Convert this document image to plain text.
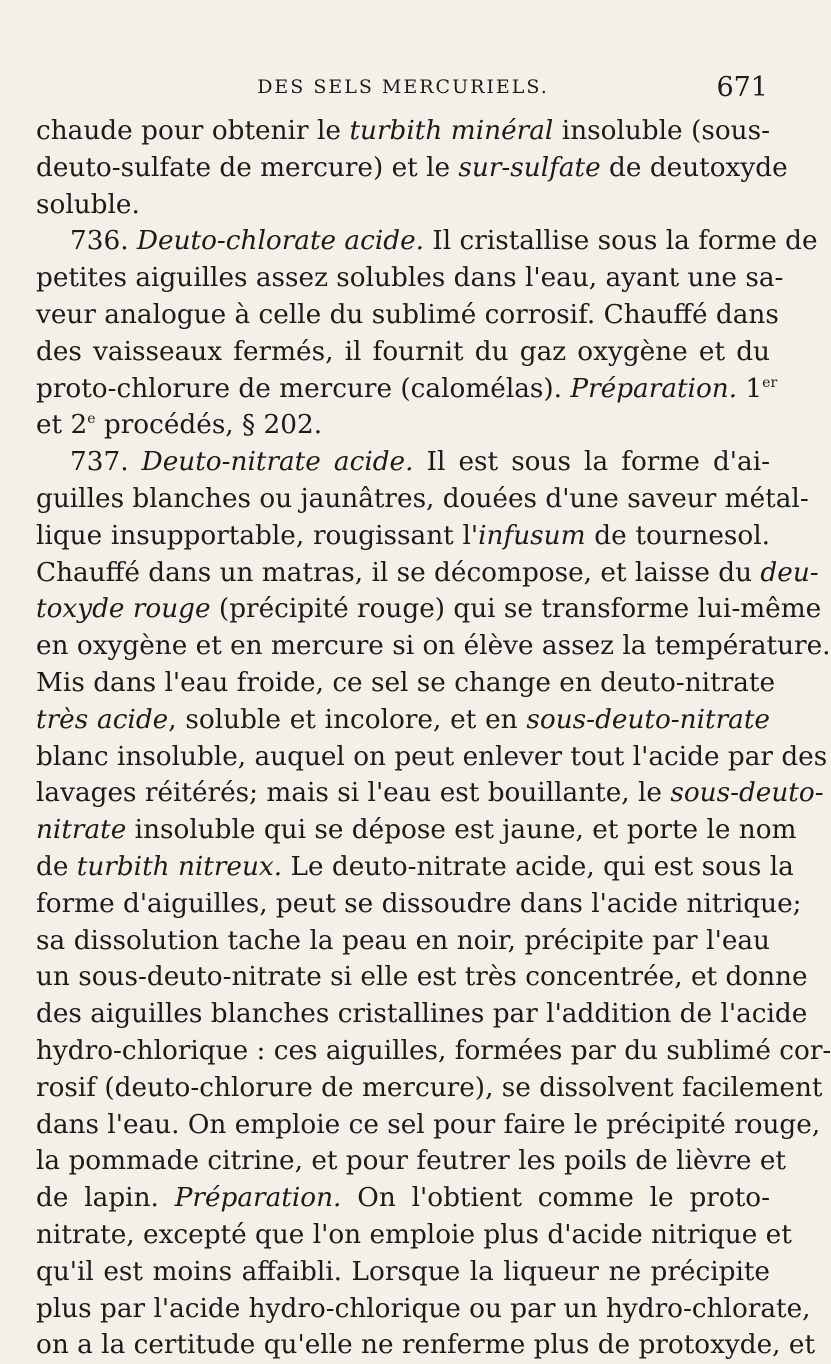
DES SELS MERCURIELS.	671
chaude pour obtenir le turbith minéral insoluble (sous-
deuto-sulfate de mercure) et le sur-sulfate de deutoxyde
soluble.
736. Deuto-chlorate acide. Il cristallise sous la forme de
petites aiguilles assez solubles dans l'eau, ayant une sa-
veur analogue à celle du sublimé corrosif. Chauffé dans
des vaisseaux fermés, il fournit du gaz oxygène et du
proto-chlorure de mercure (calomélas). Préparation. 1er
et 2e procédés, § 202.
737. Deuto-nitrate acide. Il est sous la forme d'ai-
guilles blanches ou jaunâtres, douées d'une saveur métal-
lique insupportable, rougissant l'infusum de tournesol.
Chauffé dans un matras, il se décompose, et laisse du deu-
toxyde rouge (précipité rouge) qui se transforme lui-même
en oxygène et en mercure si on élève assez la température.
Mis dans l'eau froide, ce sel se change en deuto-nitrate
très acide, soluble et incolore, et en sous-deuto-nitrate
blanc insoluble, auquel on peut enlever tout l'acide par des
lavages réitérés; mais si l'eau est bouillante, le sous-deuto-
nitrate insoluble qui se dépose est jaune, et porte le nom
de turbith nitreux. Le deuto-nitrate acide, qui est sous la
forme d'aiguilles, peut se dissoudre dans l'acide nitrique;
sa dissolution tache la peau en noir, précipite par l'eau
un sous-deuto-nitrate si elle est très concentrée, et donne
des aiguilles blanches cristallines par l'addition de l'acide
hydro-chlorique : ces aiguilles, formées par du sublimé cor-
rosif (deuto-chlorure de mercure), se dissolvent facilement
dans l'eau. On emploie ce sel pour faire le précipité rouge,
la pommade citrine, et pour feutrer les poils de lièvre et
de lapin. Préparation. On l'obtient comme le proto-
nitrate, excepté que l'on emploie plus d'acide nitrique et
qu'il est moins affaibli. Lorsque la liqueur ne précipite
plus par l'acide hydro-chlorique ou par un hydro-chlorate,
on a la certitude qu'elle ne renferme plus de protoxyde, et
